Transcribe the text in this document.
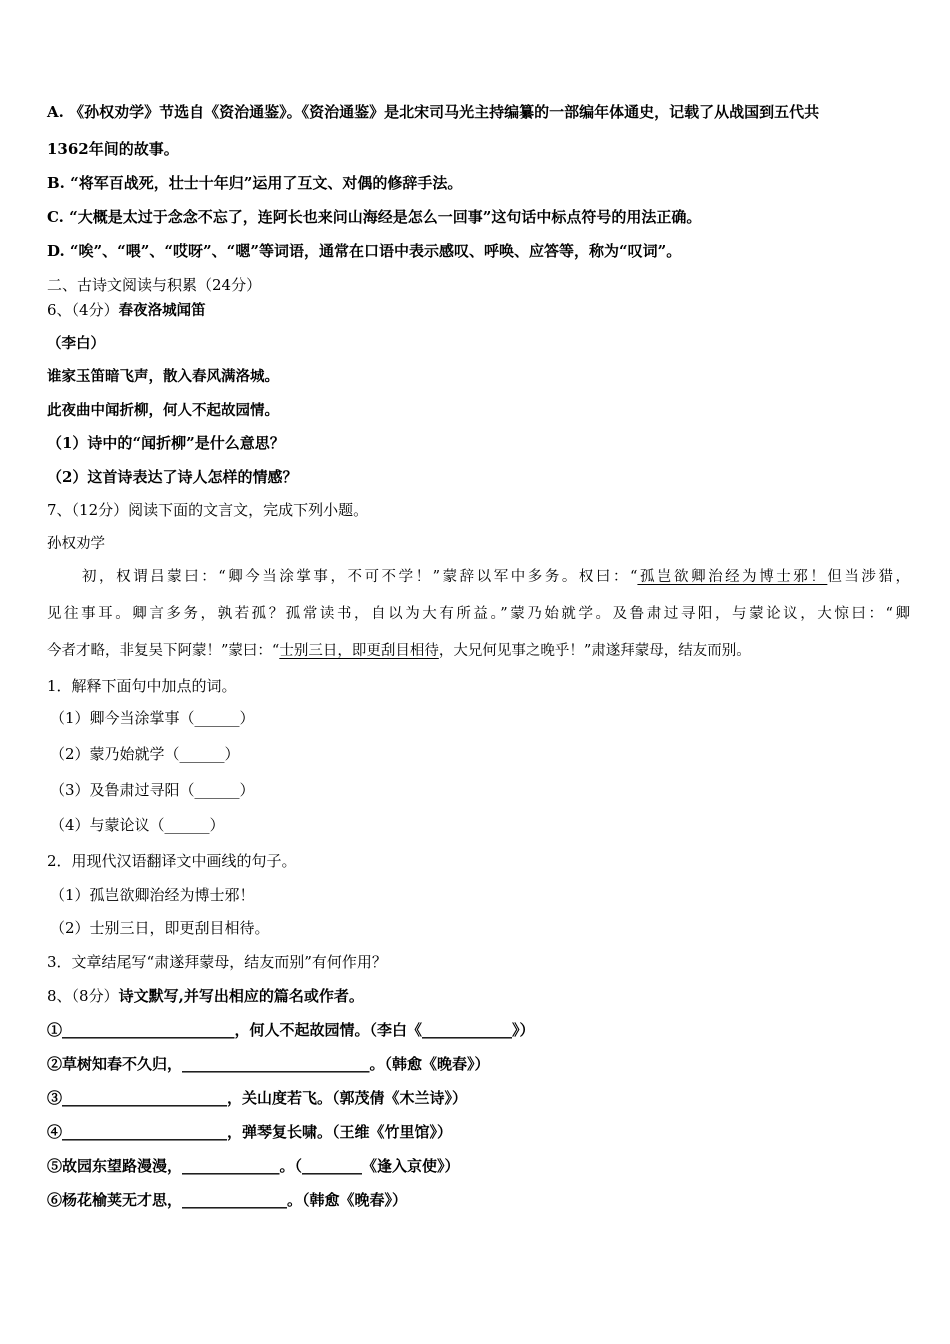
A. 《孙权劝学》节选自《资治通鉴》。《资治通鉴》是北宋司马光主持编纂的一部编年体通史，记载了从战国到五代共
1362年间的故事。
B. “将军百战死，壮士十年归”运用了互文、对偶的修辞手法。
C. “大概是太过于念念不忘了，连阿长也来问山海经是怎么一回事”这句话中标点符号的用法正确。
D. “唉”、“喂”、“哎呀”、“嗯”等词语，通常在口语中表示感叹、呼唤、应答等，称为“叹词”。
二、古诗文阅读与积累（24分）
6、（4分）春夜洛城闻笛
（李白）
谁家玉笛暗飞声，散入春风满洛城。
此夜曲中闻折柳，何人不起故园情。
（1）诗中的“闻折柳”是什么意思？
（2）这首诗表达了诗人怎样的情感？
7、（12分）阅读下面的文言文，完成下列小题。
孙权劝学
初，权谓吕蒙曰：“卿今当涂掌事，不可不学！”蒙辞以军中多务。权曰：“孤岂欲卿治经为博士邪！但当涉猎，
见往事耳。卿言多务，孰若孤？孤常读书，自以为大有所益。”蒙乃始就学。及鲁肃过寻阳，与蒙论议，大惊曰：“卿
今者才略，非复吴下阿蒙！”蒙曰：“士别三日，即更刮目相待，大兄何见事之晚乎！”肃遂拜蒙母，结友而别。
1．解释下面句中加点的词。
（1）卿今当涂掌事（______）
（2）蒙乃始就学（______）
（3）及鲁肃过寻阳（______）
（4）与蒙论议（______）
2．用现代汉语翻译文中画线的句子。
（1）孤岂欲卿治经为博士邪！
（2）士别三日，即更刮目相待。
3．文章结尾写“肃遂拜蒙母，结友而别”有何作用？
8、（8分）诗文默写,并写出相应的篇名或作者。
①_______________________，何人不起故园情。（李白《____________》）
②草树知春不久归，_________________________。（韩愈《晚春》）
③______________________，关山度若飞。（郭茂倩《木兰诗》）
④______________________，弹琴复长啸。（王维《竹里馆》）
⑤故园东望路漫漫，_____________。（________《逢入京使》）
⑥杨花榆荚无才思，______________。（韩愈《晚春》）
